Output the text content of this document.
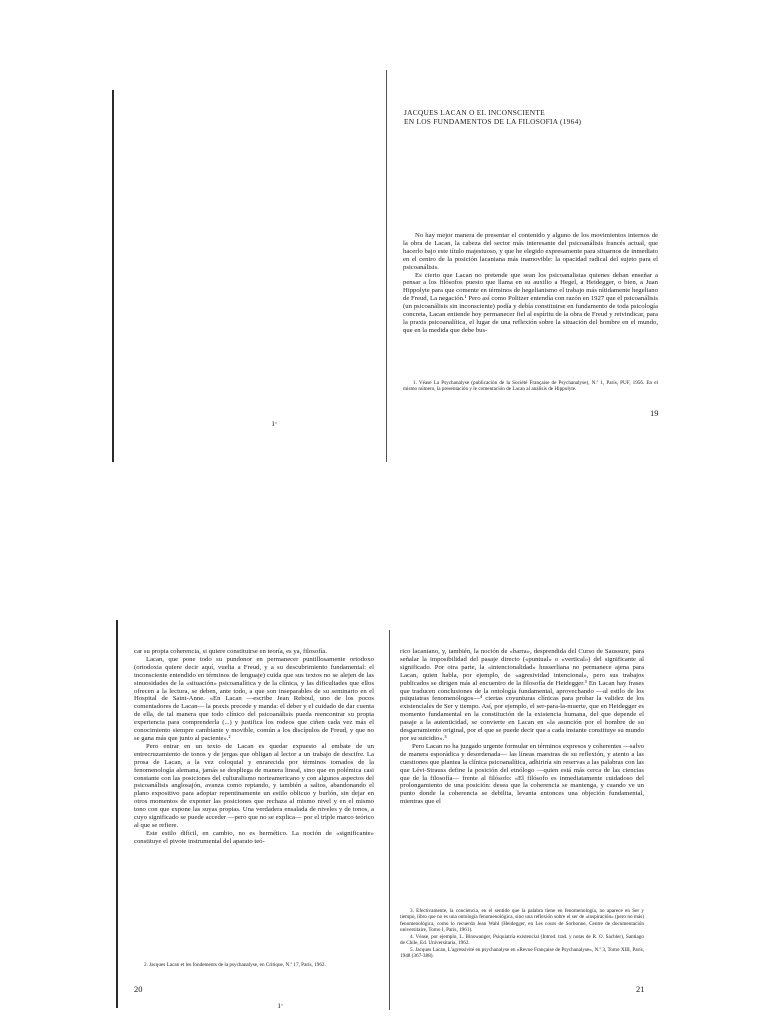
ı·
ı·
JACQUES LACAN O EL INCONSCIENTE
EN LOS FUNDAMENTOS DE LA FILOSOFIA (1964)

No hay mejor manera de presentar el contenido y alguno de los movimientos internos de la obra de Lacan, la cabeza del sector más interesante del psicoanálisis francés actual, que hacerlo bajo este título majestuoso, y que he elegido expresamente para situarnos de inmediato en el centro de la posición lacaniana más inamovible: la opacidad radical del sujeto para el psicoanálisis.

Es cierto que Lacan no pretende que sean los psicoanalistas quienes deban enseñar a pensar a los filósofos puesto que llama en su auxilio a Hegel, a Heidegger, o bien, a Juan Hippolyte para que comente en términos de hegelianismo el trabajo más nítidamente hegeliano de Freud, La negación.¹ Pero así como Politzer entendía con razón en 1927 que el psicoanálisis (un psicoanálisis sin inconsciente) podía y debía constituirse en fundamento de toda psicología concreta, Lacan entiende hoy permanecer fiel al espíritu de la obra de Freud y reivindicar, para la praxis psicoanalítica, el lugar de una reflexión sobre la situación del hombre en el mundo, que en la medida que debe bus-

1. Véase La Psychanalyse (publicación de la Société Française de Psychanalyse), N.º 1, París, PUF, 1956. En el mismo número, la presentación y le comentación de Lacan al análisis de Hippolyte.

19

car su propia coherencia, si quiere constituirse en teoría, es ya, filosofía.

Lacan, que pone todo su pundonor en permanecer puntillosamente ortodoxo (ortodoxia quiere decir aquí, vuelta a Freud, y a su descubrimiento fundamental: el inconsciente entendido en términos de lenguaje) cuida que sus textos no se alejen de las sinuosidades de la «situación» psicoanalítica y de la clínica, y las dificultades que ellos ofrecen a la lectura, se deben, ante todo, a que son inseparables de su seminario en el Hospital de Saint-Anne. «En Lacan —escribe Jean Reboul, uno de los pocos comentadores de Lacan— la praxis precede y manda: el deber y el cuidado de dar cuenta de ella, de tal manera que todo clínico del psicoanálisis pueda reencontrar su propia experiencia para comprenderla (...) y justifica los rodeos que ciñen cada vez más el conocimiento siempre cambiante y movible, común a los discípulos de Freud, y que no se gana más que junto al paciente».²

Pero entrar en un texto de Lacan es quedar expuesto al embate de un entrecruzamiento de tonos y de jergas que obligan al lector a un trabajo de descifre. La prosa de Lacan, a la vez coloquial y enrarecida por términos tomados de la fenomenología alemana, jamás se despliega de manera lineal, sino que en polémica casi constante con las posiciones del culturalismo norteamericano y con algunos aspectos del psicoanálisis anglosajón, avanza como reptando, y también a saltos, abandonando el plano expositivo para adoptar repentinamente un estilo oblicuo y burlón, sin dejar en otros momentos de exponer las posiciones que rechaza al mismo nivel y en el mismo tono con que expone las suyas propias. Una verdadera ensalada de niveles y de tonos, a cuyo significado se puede acceder —pero que no se explica— por el triple marco teórico al que se refiere.

Este estilo difícil, en cambio, no es hermético. La noción de «significante» constituye el pivote instrumental del aparato teó-

2. Jacques Lacan et les fondements de la psychanalyse, en Critique, N.º 17, París, 1962.

20

rico lacaniano, y, también, la noción de «barra», desprendida del Curso de Saussure, para señalar la imposibilidad del pasaje directo («puntual» o «vertical») del significante al significado. Por otra parte, la «intencionalidad» husserliana no permanece ajena para Lacan, quien habla, por ejemplo, de «agresividad intencional», pero sus trabajos publicados se dirigen más al encuentro de la filosofía de Heidegger.³ En Lacan hay frases que traducen conclusiones de la ontología fundamental, aprovechando —al estilo de los psiquiatras fenomenólogos—⁴ ciertas coyunturas clínicas para probar la validez de los existenciales de Ser y tiempo. Así, por ejemplo, el ser-para-la-muerte, que en Heidegger es momento fundamental en la constitución de la existencia humana, del que depende el pasaje a la autenticidad, se convierte en Lacan en «la asunción por el hombre de su desgarramiento original, por el que se puede decir que a cada instante constituye su mundo por su suicidio».⁵

Pero Lacan no ha juzgado urgente formular en términos expresos y coherentes —salvo de manera esporádica y desordenada— las líneas maestras de su reflexión, y atento a las cuestiones que plantea la clínica psicoanalítica, adhiriría sin reservas a las palabras con las que Lévi-Strauss define la posición del etnólogo —quien está más cerca de las ciencias que de la filosofía— frente al filósofo: «El filósofo es inmediatamente cuidadoso del prolongamiento de una posición: desea que la coherencia se mantenga, y cuando ve un punto donde la coherencia se debilita, levanta entonces una objeción fundamental, mientras que el

3. Efectivamente, la conciencia, en el sentido que la palabra tiene en fenomenología, no aparece en Ser y tiempo, libro que no es una ontología fenomenológica, sino una reflexión sobre el ser de «inspiración» (pero no más) fenomenológica, como lo recuerda Jean Wahl (Heidegger, en Les cours de Sorbonne, Centre de documentación universitaire, Tomo I, París, 1961).

4. Véase, por ejemplo, L. Binswanger, Psiquiatría existencial (Introd. trad. y notas de R. O. Sachler), Santiago de Chile, Ed. Universitaria, 1962.

5. Jacques Lacan, L'agressivité en psychanalyse en «Revue Française de Psychanalyse», N.º 3, Tomo XIII, París, 1948 (367-388).

21
